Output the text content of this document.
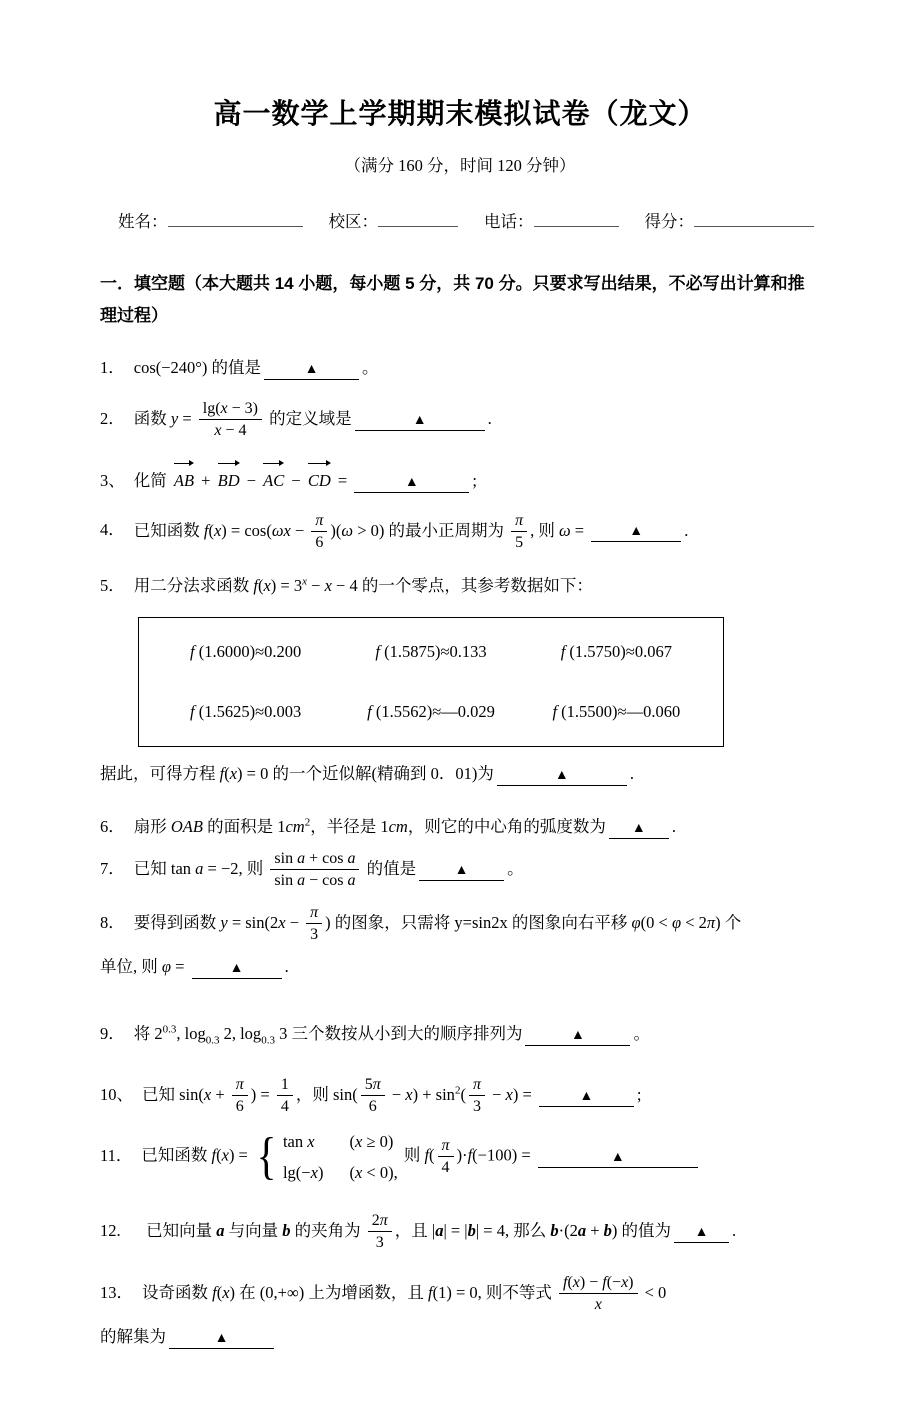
高一数学上学期期末模拟试卷（龙文）
（满分 160 分，时间 120 分钟）
姓名：	校区：	电话：	得分：
一．填空题（本大题共 14 小题，每小题 5 分，共 70 分。只要求写出结果，不必写出计算和推理过程）
1． cos(−240°) 的值是	▲	。
2． 函数 $y = \frac{\lg(x - 3)}{x - 4}$ 的定义域是	▲	.
3、 化简
AB +
BD −
AC −
CD =	▲	;
4． 已知函数 $f(x) = \cos(\omega x - \frac{\pi}{6} )(\omega > 0)$ 的最小正周期为 $\frac{\pi}{5}$ , 则 ω =	▲ .
5． 用二分法求函数 $f(x) = 3^x - x - 4$ 的一个零点，其参考数据如下：
f (1.6000)≈0.200	f (1.5875)≈0.133	f (1.5750)≈0.067
f (1.5625)≈0.003	f (1.5562)≈—0.029	f (1.5500)≈—0.060
据此，可得方程 f(x) = 0 的一个近似解(精确到 0．01)为	▲	.
6． 扇形 OAB 的面积是 $1cm^2$，半径是 1cm，则它的中心角的弧度数为 ▲ .
7． 已知 tan a = −2, 则 $\frac{\text{sin a + cos a}}{\text{sin a − cos a}}$ 的值是	▲ 。
8． 要得到函数 $y = \sin(2x - \frac{\pi}{3}$ ) 的图象，只需将 y=sin2x 的图象向右平移 φ(0 < φ < 2π) 个
单位, 则 φ =	▲ .
9． 将 $2^{0.3}$, $\log_{0.3} 2$, $\log_{0.3} 3$ 三个数按从小到大的顺序排列为	▲	。
10、 已知 $\sin(x + \frac{\pi}{6}$ ) = $\frac{1}{4}$ ，则 $\sin( \frac{5\pi}{6} - x) + \sin^2( \frac{\pi}{3} - x)$ =	▲	;
11． 已知函数 f(x) = { tan x	(x ≥ 0)
lg(−x) (x < 0),
则 $f( \frac{\pi}{4} )\cdot f(-100)$ =	▲
12.　已知向量 a 与向量 b 的夹角为 $\frac{2\pi}{3}$ ，且 |a| = |b| = 4, 那么 b·(2a + b) 的值为 ▲ .
13． 设奇函数 f(x) 在 (0,+∞) 上为增函数，且 f(1) = 0, 则不等式 $\frac{f(x) - f(-x)}{x} < 0$
的解集为	▲
